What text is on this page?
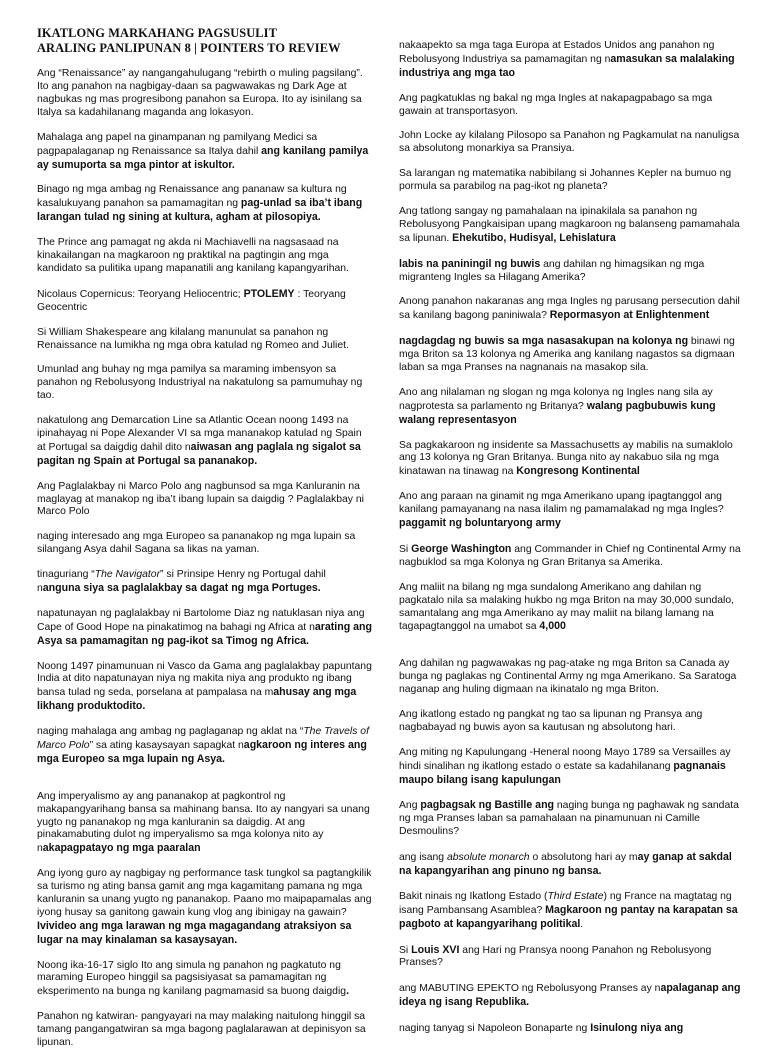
IKATLONG MARKAHANG PAGSUSULIT
ARALING PANLIPUNAN 8 | POINTERS TO REVIEW

Ang “Renaissance” ay nangangahulugang “rebirth o muling pagsilang”. Ito ang panahon na nagbigay-daan sa pagwawakas ng Dark Age at nagbukas ng mas progresibong panahon sa Europa. Ito ay isinilang sa Italya sa kadahilanang maganda ang lokasyon.

Mahalaga ang papel na ginampanan ng pamilyang Medici sa pagpapalaganap ng Renaissance sa Italya dahil ang kanilang pamilya ay sumuporta sa mga pintor at iskultor.

Binago ng mga ambag ng Renaissance ang pananaw sa kultura ng kasalukuyang panahon sa pamamagitan ng pag-unlad sa iba’t ibang larangan tulad ng sining at kultura, agham at pilosopiya.

The Prince ang pamagat ng akda ni Machiavelli na nagsasaad na kinakailangan na magkaroon ng praktikal na pagtingin ang mga kandidato sa pulitika upang mapanatili ang kanilang kapangyarihan.

Nicolaus Copernicus: Teoryang Heliocentric; PTOLEMY : Teoryang Geocentric

Si William Shakespeare ang kilalang manunulat sa panahon ng Renaissance na lumikha ng mga obra katulad ng Romeo and Juliet.

Umunlad ang buhay ng mga pamilya sa maraming imbensyon sa panahon ng Rebolusyong Industriyal na nakatulong sa pamumuhay ng tao.

nakatulong ang Demarcation Line sa Atlantic Ocean noong 1493 na ipinahayag ni Pope Alexander VI sa mga mananakop katulad ng Spain at Portugal sa daigdig dahil dito naiwasan ang paglala ng sigalot sa pagitan ng Spain at Portugal sa pananakop.

Ang Paglalakbay ni Marco Polo ang nagbunsod sa mga Kanluranin na maglayag at manakop ng iba’t ibang lupain sa daigdig ? Paglalakbay ni Marco Polo

naging interesado ang mga Europeo sa pananakop ng mga lupain sa silangang Asya dahil Sagana sa likas na yaman.

tinaguriang “The Navigator” si Prinsipe Henry ng Portugal dahil nanguna siya sa paglalakbay sa dagat ng mga Portuges.

napatunayan ng paglalakbay ni Bartolome Diaz ng natuklasan niya ang Cape of Good Hope na pinakatimog na bahagi ng Africa at narating ang Asya sa pamamagitan ng pag-ikot sa Timog ng Africa.

Noong 1497 pinamunuan ni Vasco da Gama ang paglalakbay papuntang India at dito napatunayan niya ng makita niya ang produkto ng ibang bansa tulad ng seda, porselana at pampalasa na mahusay ang mga likhang produktodito.

naging mahalaga ang ambag ng paglaganap ng aklat na “The Travels of Marco Polo” sa ating kasaysayan sapagkat nagkaroon ng interes ang mga Europeo sa mga lupain ng Asya.

Ang imperyalismo ay ang pananakop at pagkontrol ng makapangyarihang bansa sa mahinang bansa. Ito ay nangyari sa unang yugto ng pananakop ng mga kanluranin sa daigdig. At ang pinakamabuting dulot ng imperyalismo sa mga kolonya nito ay nakapagpatayo ng mga paaralan

Ang iyong guro ay nagbigay ng performance task tungkol sa pagtangkilik sa turismo ng ating bansa gamit ang mga kagamitang pamana ng mga kanluranin sa unang yugto ng pananakop. Paano mo maipapamalas ang iyong husay sa ganitong gawain kung vlog ang ibinigay na gawain? Ivivideo ang mga larawan ng mga magagandang atraksiyon sa lugar na may kinalaman sa kasaysayan.

Noong ika-16-17 siglo Ito ang simula ng panahon ng pagkatuto ng maraming Europeo hinggil sa pagsisiyasat sa pamamagitan ng eksperimento na bunga ng kanilang pagmamasid sa buong daigdig.

Panahon ng katwiran- pangyayari na may malaking naitulong hinggil sa tamang pangangatwiran sa mga bagong paglalarawan at depinisyon sa lipunan.

nakaapekto sa mga taga Europa at Estados Unidos ang panahon ng Rebolusyong Industriya sa pamamagitan ng namasukan sa malalaking industriya ang mga tao

Ang pagkatuklas ng bakal ng mga Ingles at nakapagpabago sa mga gawain at transportasyon.

John Locke ay kilalang Pilosopo sa Panahon ng Pagkamulat na nanuligsa sa absolutong monarkiya sa Pransiya.

Sa larangan ng matematika nabibilang si Johannes Kepler na bumuo ng pormula sa parabilog na pag-ikot ng planeta?

Ang tatlong sangay ng pamahalaan na ipinakilala sa panahon ng Rebolusyong Pangkaisipan upang magkaroon ng balanseng pamamahala sa lipunan. Ehekutibo, Hudisyal, Lehislatura

labis na paniningil ng buwis ang dahilan ng himagsikan ng mga migranteng Ingles sa Hilagang Amerika?

Anong panahon nakaranas ang mga Ingles ng parusang persecution dahil sa kanilang bagong paniniwala? Repormasyon at Enlightenment

nagdagdag ng buwis sa mga nasasakupan na kolonya ng binawi ng mga Briton sa 13 kolonya ng Amerika ang kanilang nagastos sa digmaan laban sa mga Pranses na nagnanais na masakop sila.

Ano ang nilalaman ng slogan ng mga kolonya ng Ingles nang sila ay nagprotesta sa parlamento ng Britanya? walang pagbubuwis kung walang representasyon

Sa pagkakaroon ng insidente sa Massachusetts ay mabilis na sumaklolo ang 13 kolonya ng Gran Britanya. Bunga nito ay nakabuo sila ng mga kinatawan na tinawag na Kongresong Kontinental

Ano ang paraan na ginamit ng mga Amerikano upang ipagtanggol ang kanilang pamayanang na nasa ilalim ng pamamalakad ng mga Ingles? paggamit ng boluntaryong army

Si George Washington ang Commander in Chief ng Continental Army na nagbuklod sa mga Kolonya ng Gran Britanya sa Amerika.

Ang maliit na bilang ng mga sundalong Amerikano ang dahilan ng pagkatalo nila sa malaking hukbo ng mga Briton na may 30,000 sundalo, samantalang ang mga Amerikano ay may maliit na bilang lamang na tagapagtanggol na umabot sa 4,000

Ang dahilan ng pagwawakas ng pag-atake ng mga Briton sa Canada ay bunga ng paglakas ng Continental Army ng mga Amerikano. Sa Saratoga naganap ang huling digmaan na ikinatalo ng mga Briton.

Ang ikatlong estado ng pangkat ng tao sa lipunan ng Pransya ang nagbabayad ng buwis ayon sa kautusan ng absolutong hari.

Ang miting ng Kapulungang -Heneral noong Mayo 1789 sa Versailles ay hindi sinalihan ng ikatlong estado o estate sa kadahilanang pagnanais maupo bilang isang kapulungan

Ang pagbagsak ng Bastille ang naging bunga ng paghawak ng sandata ng mga Pranses laban sa pamahalaan na pinamunuan ni Camille Desmoulins?

ang isang absolute monarch o absolutong hari ay may ganap at sakdal na kapangyarihan ang pinuno ng bansa.

Bakit ninais ng Ikatlong Estado (Third Estate) ng France na magtatag ng isang Pambansang Asamblea? Magkaroon ng pantay na karapatan sa pagboto at kapangyarihang politikal.

Si Louis XVI ang Hari ng Pransya noong Panahon ng Rebolusyong Pranses?

ang MABUTING EPEKTO ng Rebolusyong Pranses ay napalaganap ang ideya ng isang Republika.

naging tanyag si Napoleon Bonaparte ng Isinulong niya ang
